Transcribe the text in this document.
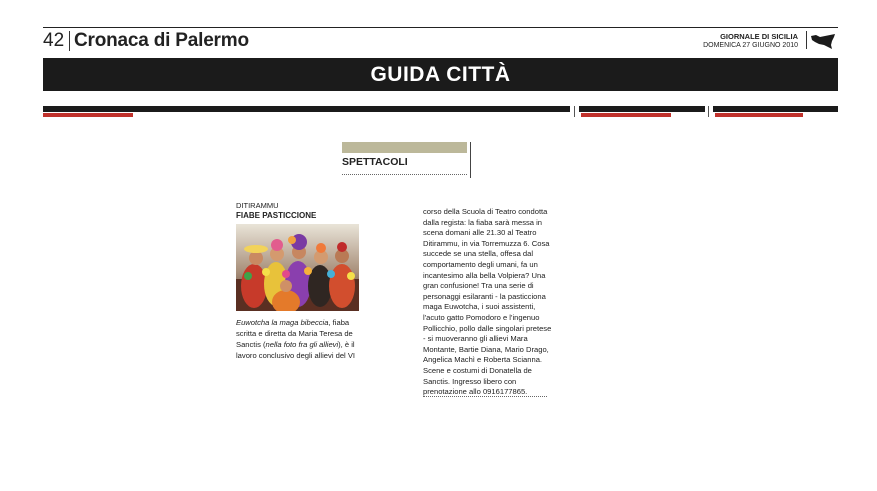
42 Cronaca di Palermo	GIORNALE DI SICILIA
DOMENICA 27 GIUGNO 2010
GUIDA CITTÀ
SPETTACOLI
DITIRAMMU
FIABE PASTICCIONE
Euwotcha la maga bibeccia, fiaba scritta e diretta da Maria Teresa de Sanctis (nella foto fra gli allievi), è il lavoro conclusivo degli allievi del VI
corso della Scuola di Teatro condotta dalla regista: la fiaba sarà messa in scena domani alle 21.30 al Teatro Ditirammu, in via Torremuzza 6. Cosa succede se una stella, offesa dal comportamento degli umani, fa un incantesimo alla bella Volpiera? Una gran confusione! Tra una serie di personaggi esilaranti - la pasticciona maga Euwotcha, i suoi assistenti, l'acuto gatto Pomodoro e l'ingenuo Pollicchio, pollo dalle singolari pretese - si muoveranno gli allievi Mara Montante, Bartie Diana, Mario Drago, Angelica Machì e Roberta Scianna. Scene e costumi di Donatella de Sanctis. Ingresso libero con prenotazione allo 0916177865.
